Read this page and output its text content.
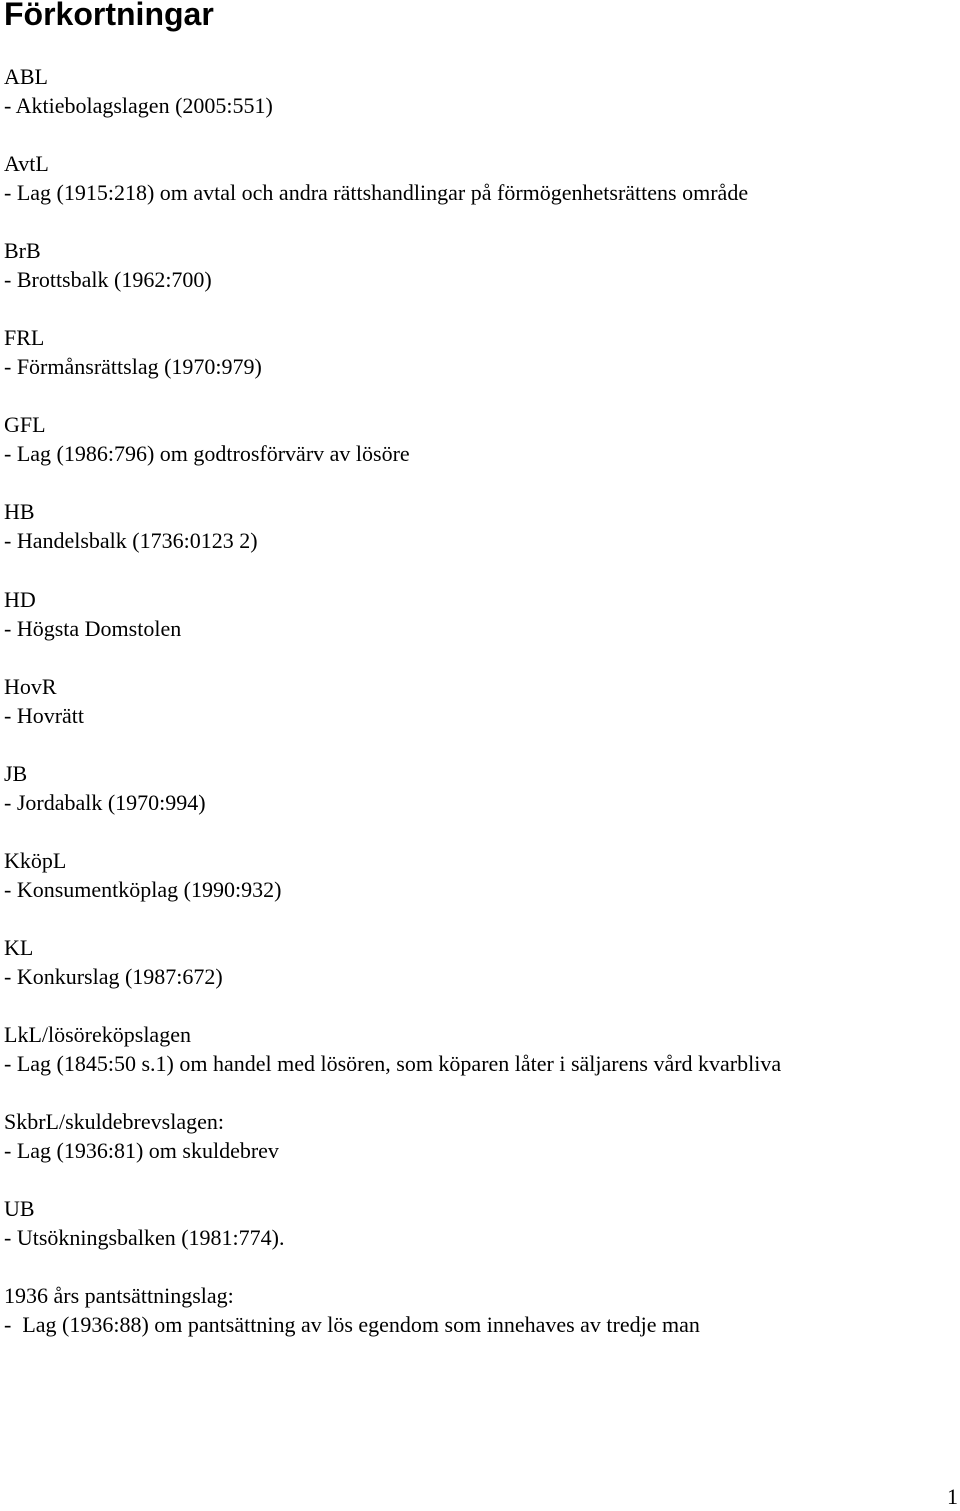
Förkortningar
ABL
- Aktiebolagslagen (2005:551)
AvtL
- Lag (1915:218) om avtal och andra rättshandlingar på förmögenhetsrättens område
BrB
- Brottsbalk (1962:700)
FRL
- Förmånsrättslag (1970:979)
GFL
- Lag (1986:796) om godtrosförvärv av lösöre
HB
- Handelsbalk (1736:0123 2)
HD
- Högsta Domstolen
HovR
- Hovrätt
JB
- Jordabalk (1970:994)
KköpL
- Konsumentköplag (1990:932)
KL
- Konkurslag (1987:672)
LkL/lösöreköpslagen
- Lag (1845:50 s.1) om handel med lösören, som köparen låter i säljarens vård kvarbliva
SkbrL/skuldebrevslagen:
- Lag (1936:81) om skuldebrev
UB
- Utsökningsbalken (1981:774).
1936 års pantsättningslag:
-  Lag (1936:88) om pantsättning av lös egendom som innehaves av tredje man
1
